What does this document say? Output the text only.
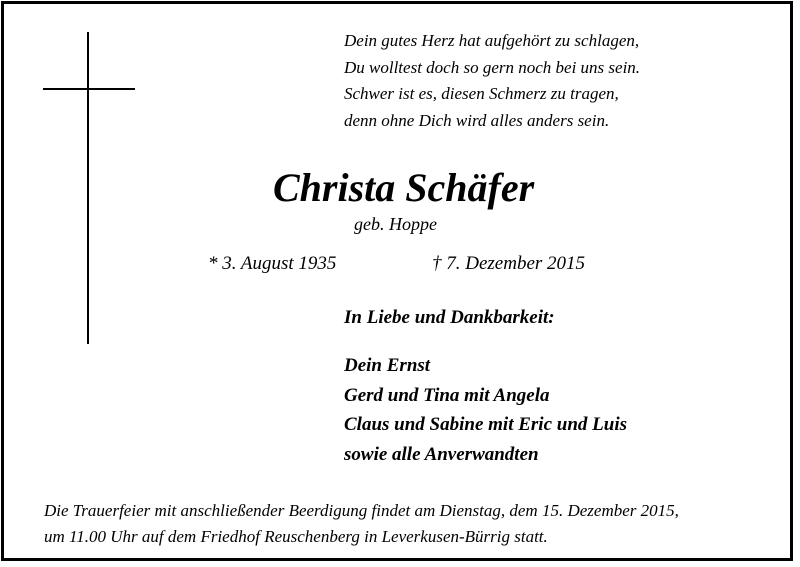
Dein gutes Herz hat aufgehört zu schlagen,
Du wolltest doch so gern noch bei uns sein.
Schwer ist es, diesen Schmerz zu tragen,
denn ohne Dich wird alles anders sein.
Christa Schäfer
geb. Hoppe
* 3. August 1935	† 7. Dezember 2015
In Liebe und Dankbarkeit:
Dein Ernst
Gerd und Tina mit Angela
Claus und Sabine mit Eric und Luis
sowie alle Anverwandten
Die Trauerfeier mit anschließender Beerdigung findet am Dienstag, dem 15. Dezember 2015,
um 11.00 Uhr auf dem Friedhof Reuschenberg in Leverkusen-Bürrig statt.
